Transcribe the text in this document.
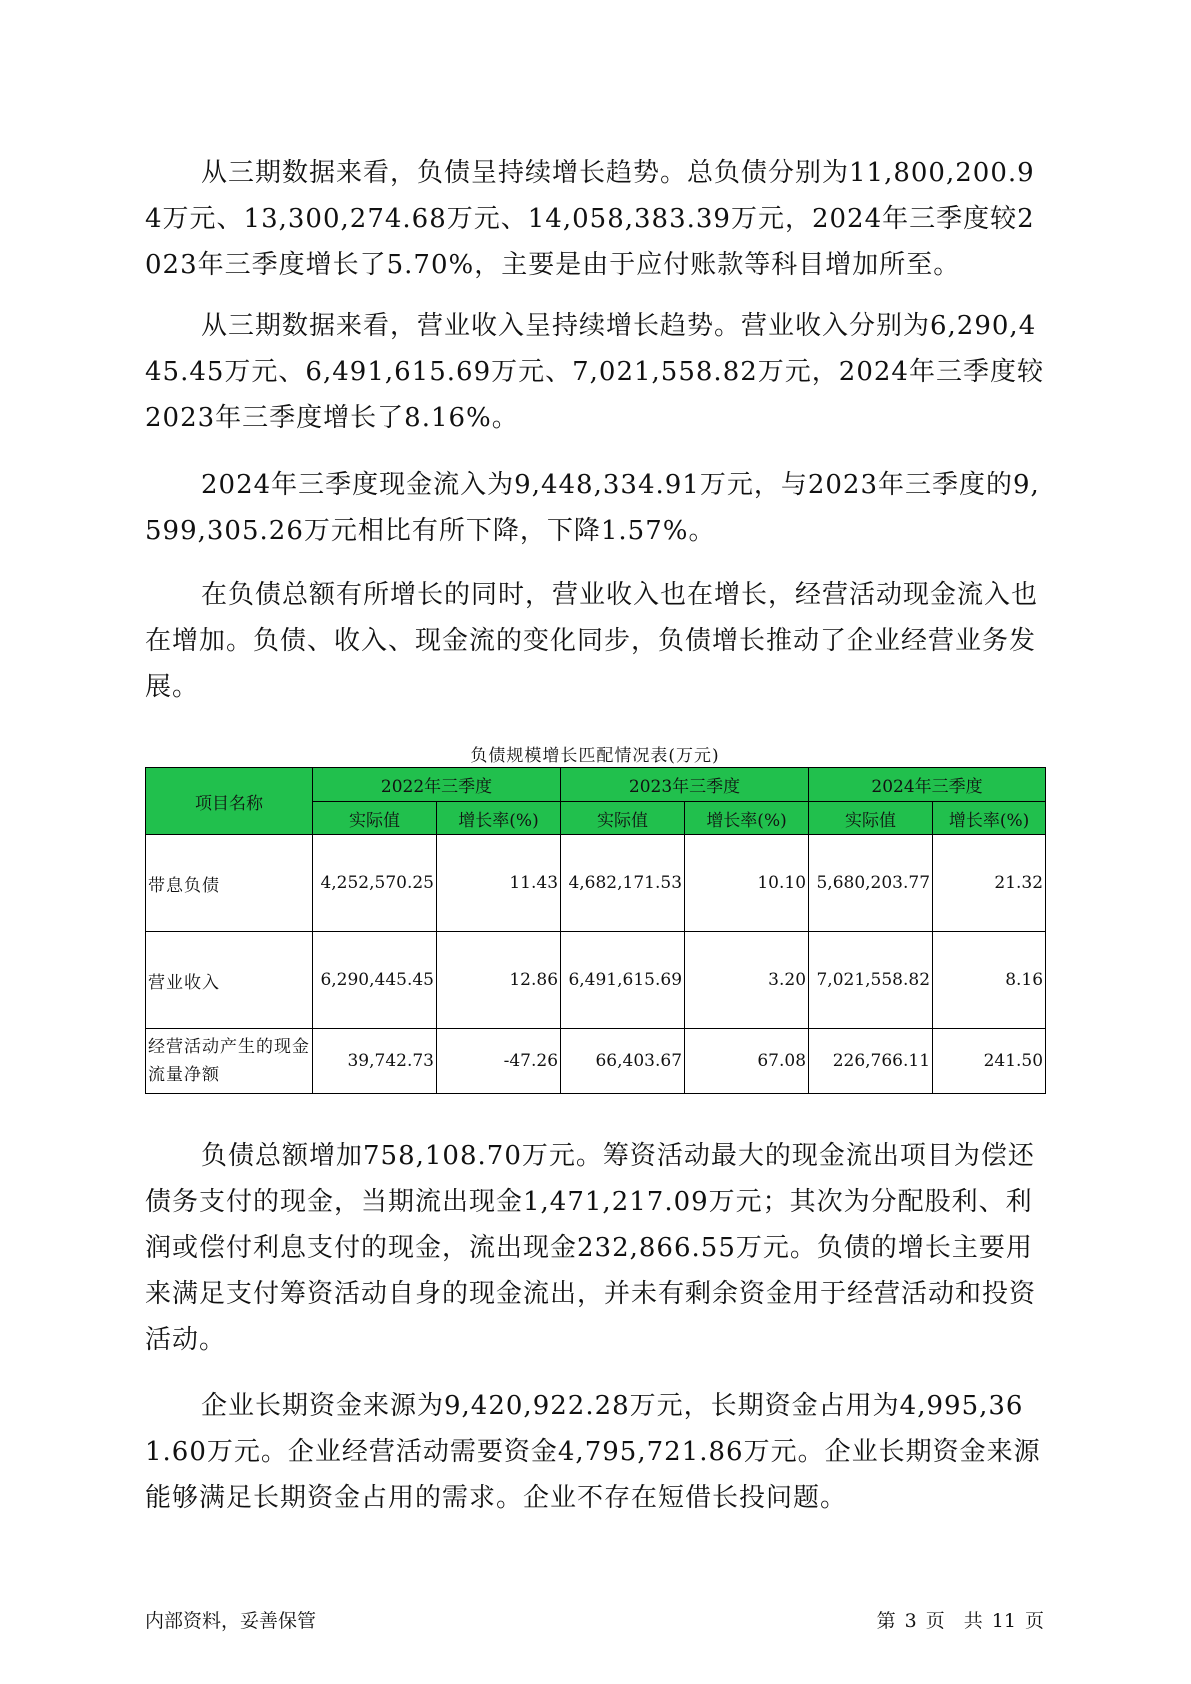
从三期数据来看，负债呈持续增长趋势。总负债分别为11,800,200.94万元、13,300,274.68万元、14,058,383.39万元，2024年三季度较2023年三季度增长了5.70%，主要是由于应付账款等科目增加所至。

从三期数据来看，营业收入呈持续增长趋势。营业收入分别为6,290,445.45万元、6,491,615.69万元、7,021,558.82万元，2024年三季度较2023年三季度增长了8.16%。

2024年三季度现金流入为9,448,334.91万元，与2023年三季度的9,599,305.26万元相比有所下降，下降1.57%。

在负债总额有所增长的同时，营业收入也在增长，经营活动现金流入也在增加。负债、收入、现金流的变化同步，负债增长推动了企业经营业务发展。

负债规模增长匹配情况表(万元)
项目名称	2022年三季度		2023年三季度		2024年三季度	
	实际值	增长率(%)	实际值	增长率(%)	实际值	增长率(%)
带息负债	4,252,570.25	11.43	4,682,171.53	10.10	5,680,203.77	21.32
营业收入	6,290,445.45	12.86	6,491,615.69	3.20	7,021,558.82	8.16
经营活动产生的现金流量净额	39,742.73	-47.26	66,403.67	67.08	226,766.11	241.50

负债总额增加758,108.70万元。筹资活动最大的现金流出项目为偿还债务支付的现金，当期流出现金1,471,217.09万元；其次为分配股利、利润或偿付利息支付的现金，流出现金232,866.55万元。负债的增长主要用来满足支付筹资活动自身的现金流出，并未有剩余资金用于经营活动和投资活动。

企业长期资金来源为9,420,922.28万元，长期资金占用为4,995,361.60万元。企业经营活动需要资金4,795,721.86万元。企业长期资金来源能够满足长期资金占用的需求。企业不存在短借长投问题。

内部资料，妥善保管	第 3 页　共 11 页
